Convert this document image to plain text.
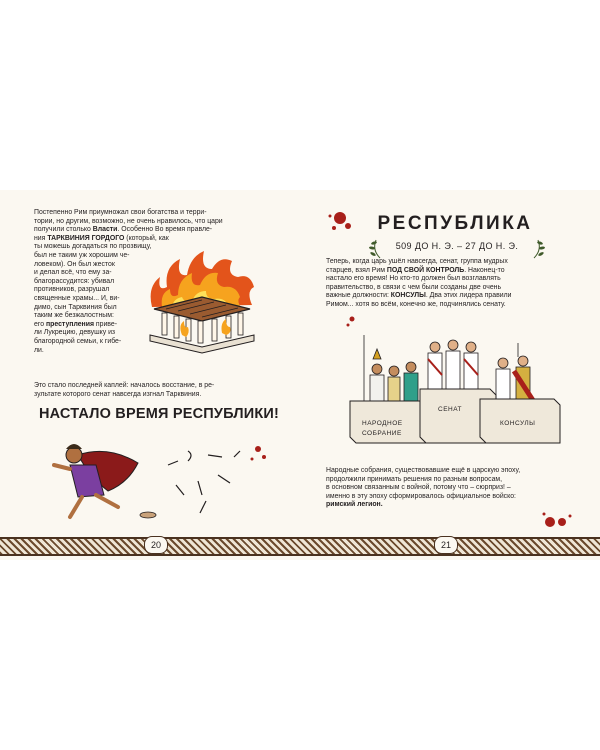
Постепенно Рим приумножал свои богатства и терри-
тории, но другим, возможно, не очень нравилось, что цари
получили столько Власти. Особенно Во время правле-
ния ТАРКВИНИЯ ГОРДОГО (который, как
ты можешь догадаться по прозвищу,
был не таким уж хорошим че-
ловеком). Он был жесток
и делал всё, что ему за-
благорассудится: убивал
противников, разрушал
священные храмы... И, ви-
димо, сын Тарквиния был
таким же безжалостным:
его преступления приве-
ли Лукрецию, девушку из
благородной семьи, к гибе-
ли.
Это стало последней каплей: началось восстание, в ре-
зультате которого сенат навсегда изгнал Тарквиния.
НАСТАЛО ВРЕМЯ РЕСПУБЛИКИ!
РЕСПУБЛИКА
509 ДО Н. Э. – 27 ДО Н. Э.
Теперь, когда царь ушёл навсегда, сенат, группа мудрых
старцев, взял Рим ПОД СВОЙ КОНТРОЛЬ. Наконец-то
настало его время! Но кто-то должен был возглавлять
правительство, в связи с чем были созданы две очень
важные должности: КОНСУЛЫ. Два этих лидера правили
Римом... хотя во всём, конечно же, подчинялись сенату.
НАРОДНОЕ
СОБРАНИЕ
СЕНАТ
КОНСУЛЫ
Народные собрания, существовавшие ещё в царскую эпоху,
продолжили принимать решения по разным вопросам,
в основном связанным с войной, потому что – сюрприз! –
именно в эту эпоху сформировалось официальное войско:
римский легион.
20	21
